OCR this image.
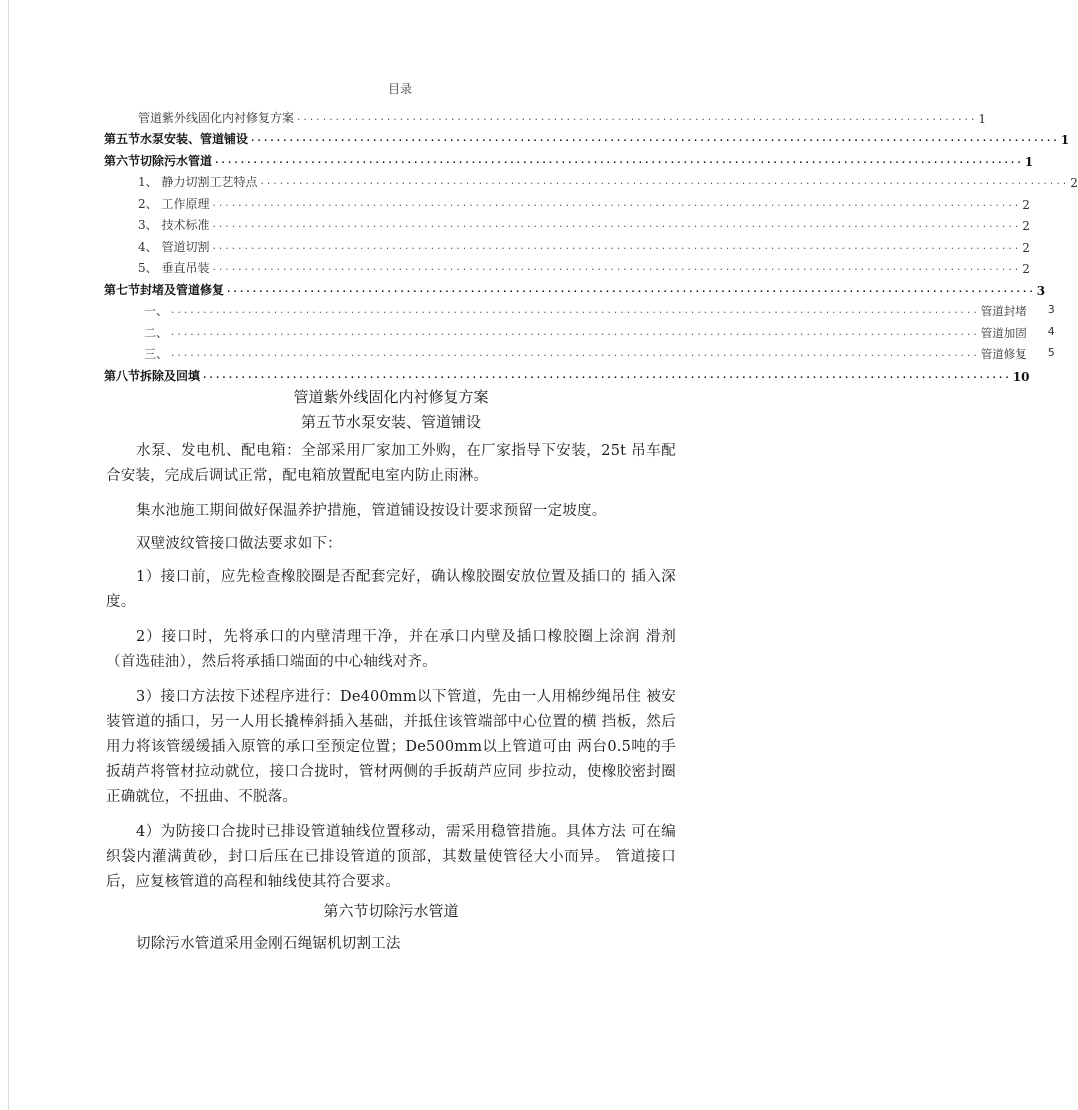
目录
管道紫外线固化内衬修复方案 .......................................................................................................... 1
第五节水泵安装、管道铺设 .............................................................................................................................. 1
第六节切除污水管道 .............................................................................................................................. 1
1、 静力切割工艺特点 .............................................................................................................................. 2
2、 工作原理 .............................................................................................................................. 2
3、 技术标准 .............................................................................................................................. 2
4、 管道切割 .............................................................................................................................. 2
5、 垂直吊装 .............................................................................................................................. 2
第七节封堵及管道修复 .............................................................................................................................. 3
一、 .............................................................................................................................. 管道封堵 3
二、 .............................................................................................................................. 管道加固 4
三、 .............................................................................................................................. 管道修复 5
第八节拆除及回填 .............................................................................................................................. 10
管道紫外线固化内衬修复方案
第五节水泵安装、管道铺设

水泵、发电机、配电箱：全部采用厂家加工外购，在厂家指导下安装，25t 吊车配合安装，完成后调试正常，配电箱放置配电室内防止雨淋。

集水池施工期间做好保温养护措施，管道铺设按设计要求预留一定坡度。

双壁波纹管接口做法要求如下：

1）接口前，应先检查橡胶圈是否配套完好，确认橡胶圈安放位置及插口的 插入深度。

2）接口时，先将承口的内壁清理干净，并在承口内壁及插口橡胶圈上涂润 滑剂（首选硅油），然后将承插口端面的中心轴线对齐。

3）接口方法按下述程序进行：De400mm以下管道，先由一人用棉纱绳吊住 被安装管道的插口，另一人用长撬棒斜插入基础，并抵住该管端部中心位置的横 挡板，然后用力将该管缓缓插入原管的承口至预定位置；De500mm以上管道可由 两台0.5吨的手扳葫芦将管材拉动就位，接口合拢时，管材两侧的手扳葫芦应同 步拉动，使橡胶密封圈正确就位，不扭曲、不脱落。

4）为防接口合拢时已排设管道轴线位置移动，需采用稳管措施。具体方法 可在编织袋内灌满黄砂，封口后压在已排设管道的顶部，其数量使管径大小而异。 管道接口后，应复核管道的高程和轴线使其符合要求。

第六节切除污水管道

切除污水管道采用金刚石绳锯机切割工法
